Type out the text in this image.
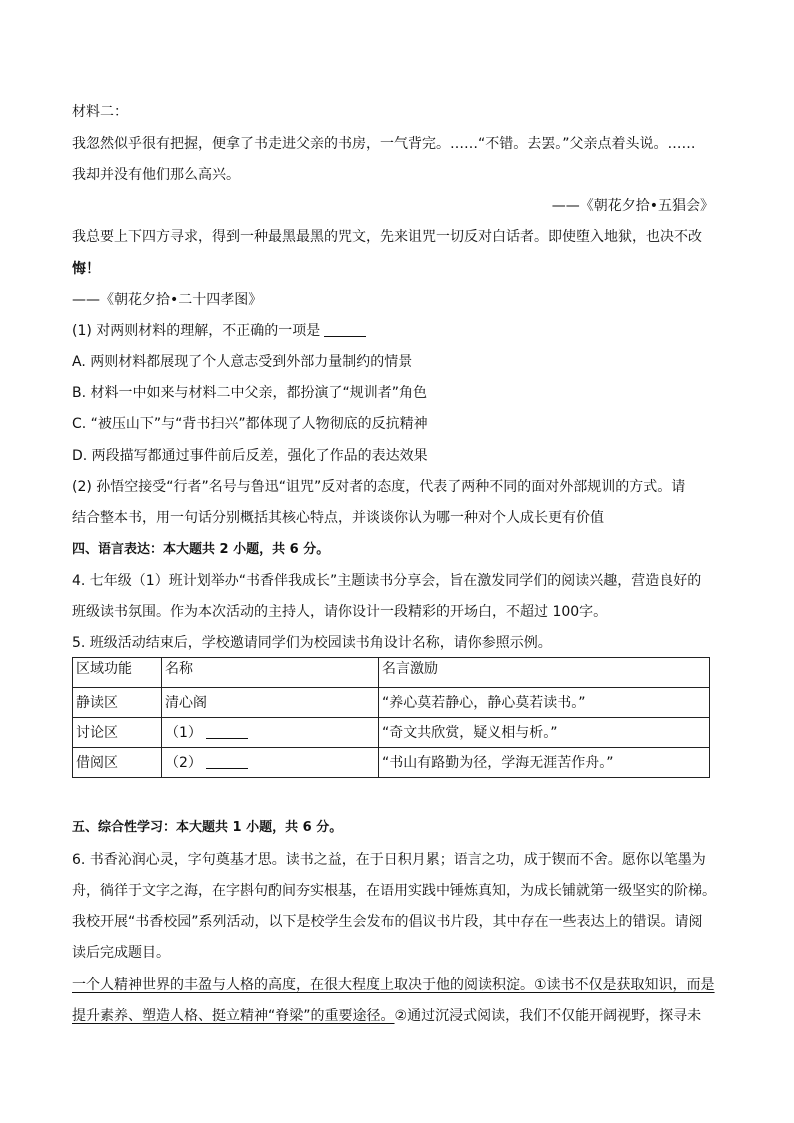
材料二：
我忽然似乎很有把握，便拿了书走进父亲的书房，一气背完。……“不错。去罢。”父亲点着头说。……
我却并没有他们那么高兴。
——《朝花夕拾•五猖会》
我总要上下四方寻求，得到一种最黑最黑的咒文，先来诅咒一切反对白话者。即使堕入地狱，也决不改
悔！
——《朝花夕拾•二十四孝图》
(1) 对两则材料的理解，不正确的一项是
A. 两则材料都展现了个人意志受到外部力量制约的情景
B. 材料一中如来与材料二中父亲，都扮演了“规训者”角色
C. “被压山下”与“背书扫兴”都体现了人物彻底的反抗精神
D. 两段描写都通过事件前后反差，强化了作品的表达效果
(2) 孙悟空接受“行者”名号与鲁迅“诅咒”反对者的态度，代表了两种不同的面对外部规训的方式。请
结合整本书，用一句话分别概括其核心特点，并谈谈你认为哪一种对个人成长更有价值
四、语言表达：本大题共 2 小题，共 6 分。
4. 七年级（1）班计划举办“书香伴我成长”主题读书分享会，旨在激发同学们的阅读兴趣，营造良好的
班级读书氛围。作为本次活动的主持人，请你设计一段精彩的开场白，不超过 100字。
5. 班级活动结束后，学校邀请同学们为校园读书角设计名称，请你参照示例。
区域功能	名称	名言激励
静读区	清心阁	“养心莫若静心，静心莫若读书。”
讨论区	（1）	“奇文共欣赏，疑义相与析。”
借阅区	（2）	“书山有路勤为径，学海无涯苦作舟。”
五、综合性学习：本大题共 1 小题，共 6 分。
6. 书香沁润心灵，字句奠基才思。读书之益，在于日积月累；语言之功，成于锲而不舍。愿你以笔墨为
舟，徜徉于文字之海，在字斟句酌间夯实根基，在语用实践中锤炼真知，为成长铺就第一级坚实的阶梯。
我校开展“书香校园”系列活动，以下是校学生会发布的倡议书片段，其中存在一些表达上的错误。请阅
读后完成题目。
一个人精神世界的丰盈与人格的高度，在很大程度上取决于他的阅读积淀。①读书不仅是获取知识，而是
提升素养、塑造人格、挺立精神“脊梁”的重要途径。②通过沉浸式阅读，我们不仅能开阔视野，探寻未
